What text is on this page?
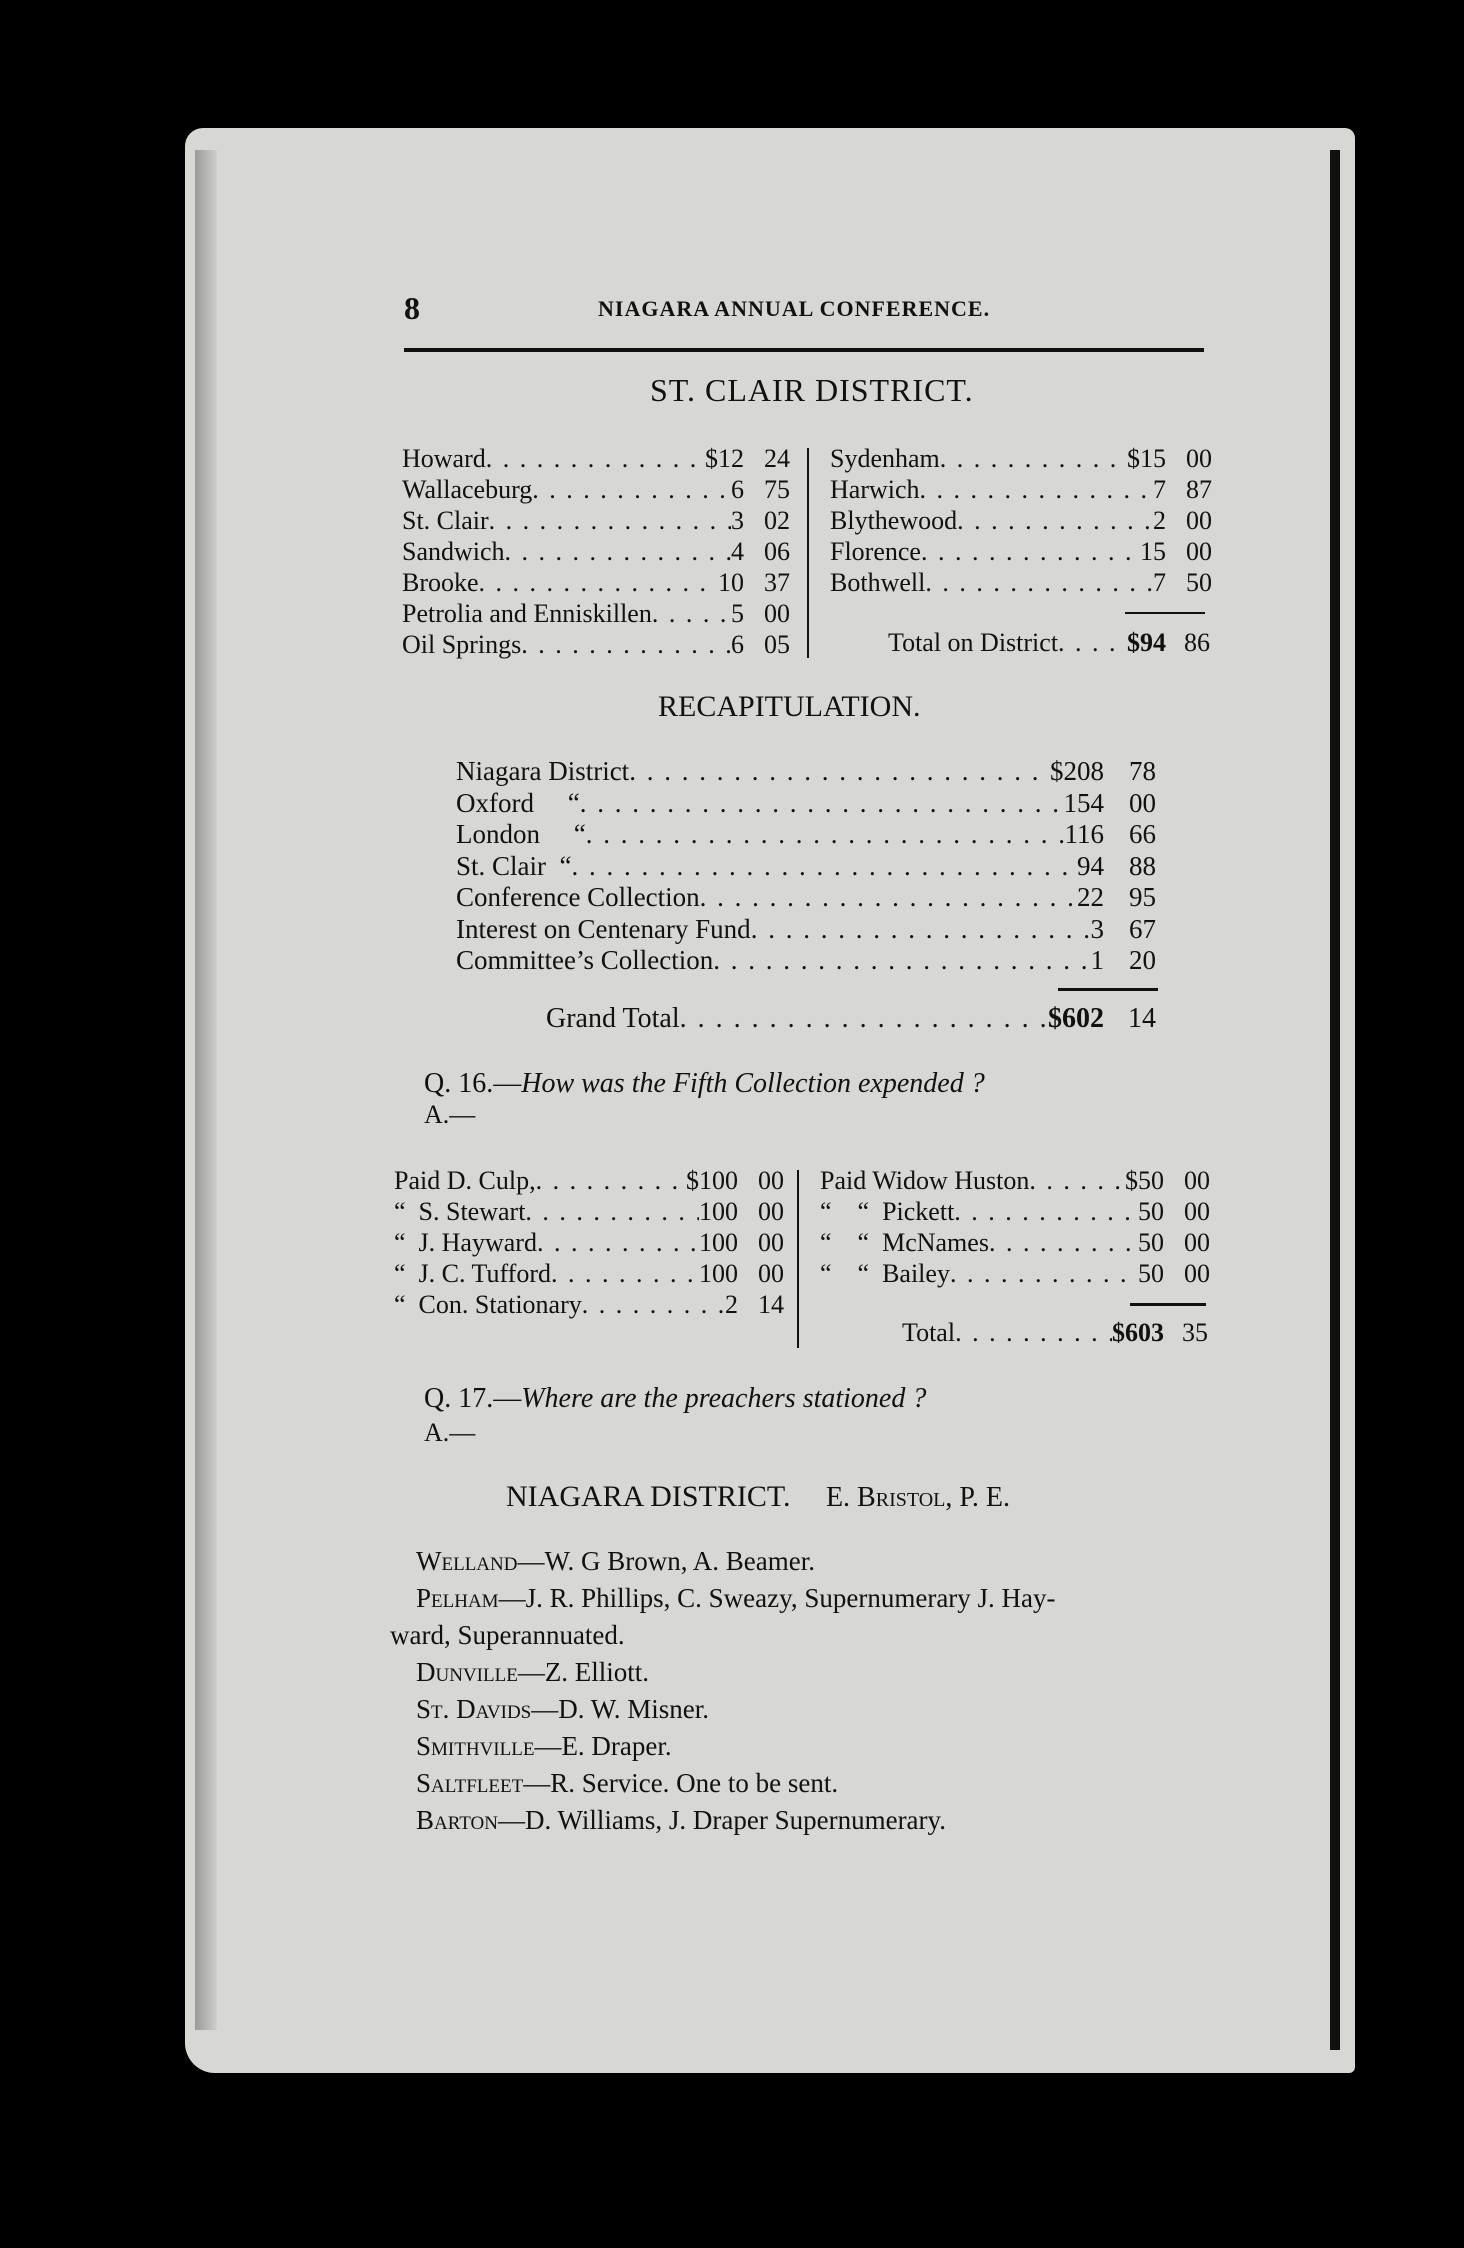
8	NIAGARA ANNUAL CONFERENCE.
ST. CLAIR DISTRICT.
Howard . . .	$12 24
Wallaceburg . . .	6 75
St. Clair . . .	3 02
Sandwich . . .	4 06
Brooke . . .	10 37
Petrolia and Enniskillen . . .	5 00
Oil Springs . . .	6 05
Sydenham . . .	$15 00
Harwich . . .	7 87
Blythewood . . .	2 00
Florence . . .	15 00
Bothwell . . .	7 50
Total on District . . .	$94 86
RECAPITULATION.
Niagara District . . .	$208 78
Oxford     “ . . .	154 00
London     “ . . .	116 66
St. Clair  “ . . .	94 88
Conference Collection . . .	22 95
Interest on Centenary Fund . . .	3 67
Committee’s Collection . . .	1 20
Grand Total . . .	$602 14
Q. 16.—How was the Fifth Collection expended ?
A.—
Paid D. Culp, . . .	$100 00
“  S. Stewart . . .	100 00
“  J. Hayward . . .	100 00
“  J. C. Tufford . . .	100 00
“  Con. Stationary . . .	2 14
Paid Widow Huston . . .	$50 00
“    “  Pickett . . .	50 00
“    “  McNames . . .	50 00
“    “  Bailey . . .	50 00
Total . . .	$603 35
Q. 17.—Where are the preachers stationed ?
A.—
NIAGARA DISTRICT. E. Bristol, P. E.
Welland—W. G Brown, A. Beamer.
Pelham—J. R. Phillips, C. Sweazy, Supernumerary J. Hay-
ward, Superannuated.
Dunville—Z. Elliott.
St. Davids—D. W. Misner.
Smithville—E. Draper.
Saltfleet—R. Service. One to be sent.
Barton—D. Williams, J. Draper Supernumerary.
